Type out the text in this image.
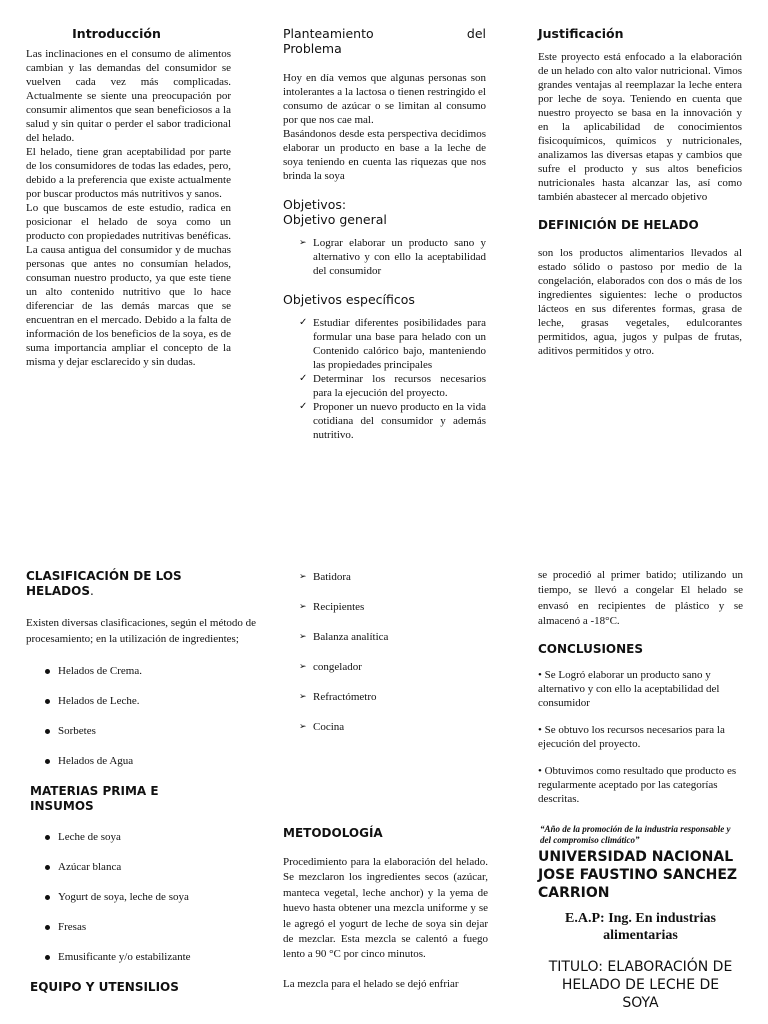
Introducción

Las inclinaciones en el consumo de alimentos cambian y las demandas del consumidor se vuelven cada vez más complicadas. Actualmente se siente una preocupación por consumir alimentos que sean beneficiosos a la salud y sin quitar o perder el sabor tradicional del helado.

El helado, tiene gran aceptabilidad por parte de los consumidores de todas las edades, pero, debido a la preferencia que existe actualmente por buscar productos más nutritivos y sanos.

Lo que buscamos de este estudio, radica en posicionar el helado de soya como un producto con propiedades nutritivas benéficas. La causa antigua del consumidor y de muchas personas que antes no consumían helados, consuman nuestro producto, ya que este tiene un alto contenido nutritivo que lo hace diferenciar de las demás marcas que se encuentran en el mercado. Debido a la falta de información de los beneficios de la soya, es de suma importancia ampliar el concepto de la misma y dejar esclarecido y sin dudas.

Planteamiento	del
Problema

Hoy en día vemos que algunas personas son intolerantes a la lactosa o tienen restringido el consumo de azúcar o se limitan al consumo por que nos cae mal.

Basándonos desde esta perspectiva decidimos elaborar un producto en base a la leche de soya teniendo en cuenta las riquezas que nos brinda la soya

Objetivos:
Objetivo general
➢ Lograr elaborar un producto sano y alternativo y con ello la aceptabilidad del consumidor
Objetivos específicos
✓ Estudiar diferentes posibilidades para formular una base para helado con un Contenido calórico bajo, manteniendo las propiedades principales
✓ Determinar los recursos necesarios para la ejecución del proyecto.
✓ Proponer un nuevo producto en la vida cotidiana del consumidor y además nutritivo.
Justificación

Este proyecto está enfocado a la elaboración de un helado con alto valor nutricional. Vimos grandes ventajas al reemplazar la leche entera por leche de soya. Teniendo en cuenta que nuestro proyecto se basa en la innovación y en la aplicabilidad de conocimientos fisicoquímicos, químicos y nutricionales, analizamos las diversas etapas y cambios que sufre el producto y sus altos beneficios nutricionales hasta alcanzar las, así como también abastecer al mercado objetivo

DEFINICIÓN DE HELADO

son los productos alimentarios llevados al estado sólido o pastoso por medio de la congelación, elaborados con dos o más de los ingredientes siguientes: leche o productos lácteos en sus diferentes formas, grasa de leche, grasas vegetales, edulcorantes permitidos, agua, jugos y pulpas de frutas, aditivos permitidos y otro.

CLASIFICACIÓN DE LOS HELADOS.

Existen diversas clasificaciones, según el método de procesamiento; en la utilización de ingredientes;

Helados de Crema.
Helados de Leche.
Sorbetes
Helados de Agua
MATERIAS PRIMA E INSUMOS
Leche de soya
Azúcar blanca
Yogurt de soya, leche de soya
Fresas
Emusificante y/o estabilizante
EQUIPO Y UTENSILIOS
➢ Batidora
➢ Recipientes
➢ Balanza analítica
➢ congelador
➢ Refractómetro
➢ Cocina
METODOLOGÍA

Procedimiento para la elaboración del helado. Se mezclaron los ingredientes secos (azúcar, manteca vegetal, leche anchor) y la yema de huevo hasta obtener una mezcla uniforme y se le agregó el yogurt de leche de soya sin dejar de mezclar. Esta mezcla se calentó a fuego lento a 90 °C por cinco minutos.

La mezcla para el helado se dejó enfriar

se procedió al primer batido; utilizando un tiempo, se llevó a congelar El helado se envasó en recipientes de plástico y se almacenó a -18°C.

CONCLUSIONES

• Se Logró elaborar un producto sano y alternativo y con ello la aceptabilidad del consumidor

• Se obtuvo los recursos necesarios para la ejecución del proyecto.

• Obtuvimos como resultado que producto es regularmente aceptado por las categorías descritas.

“Año de la promoción de la industria responsable y del compromiso climático”

UNIVERSIDAD NACIONAL JOSE FAUSTINO SANCHEZ CARRION

E.A.P: Ing. En industrias alimentarias

TITULO: ELABORACIÓN DE HELADO DE LECHE DE SOYA
